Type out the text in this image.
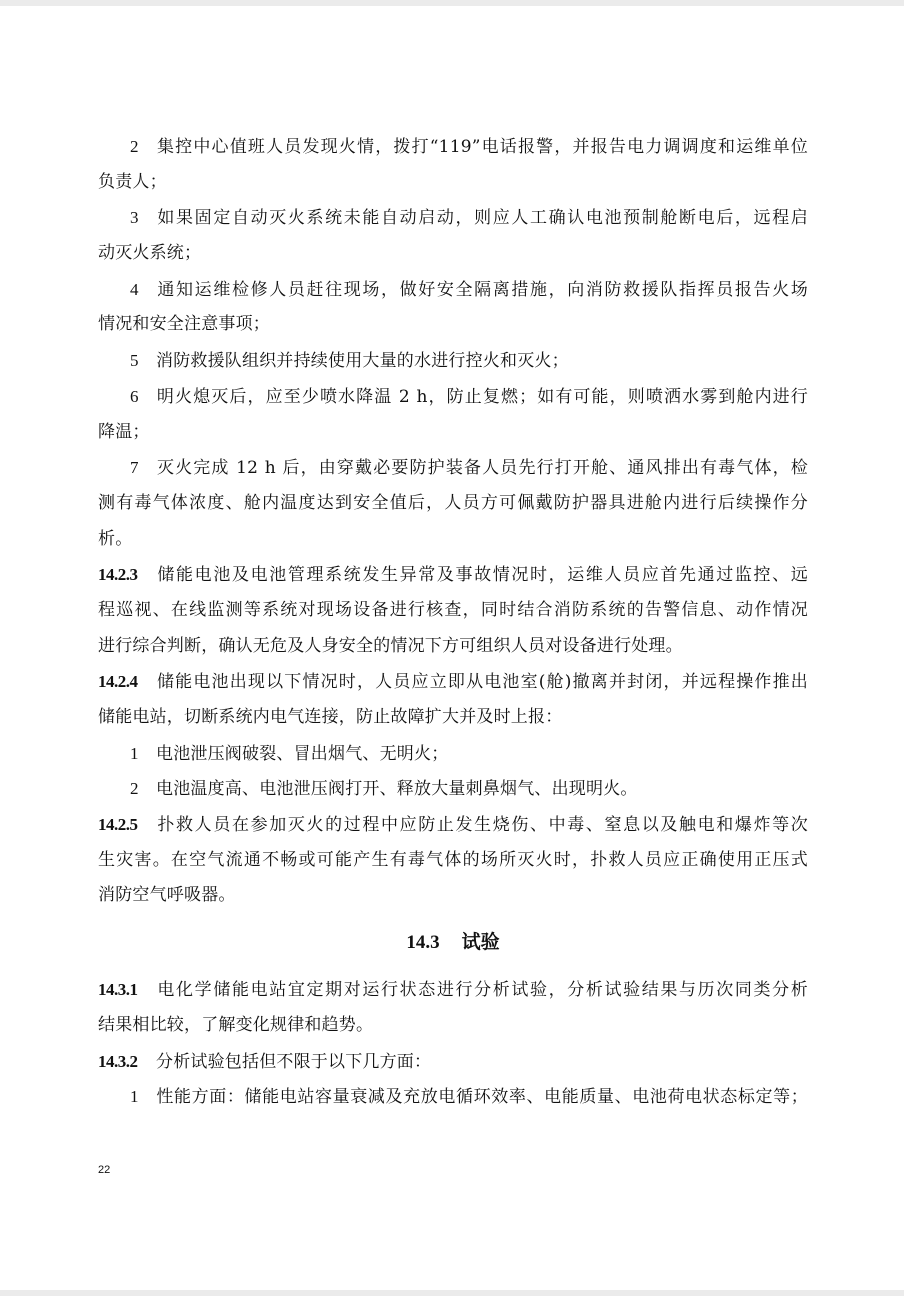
2 集控中心值班人员发现火情，拨打“119”电话报警，并报告电力调调度和运维单位
负责人；
3 如果固定自动灭火系统未能自动启动，则应人工确认电池预制舱断电后，远程启
动灭火系统；
4 通知运维检修人员赶往现场，做好安全隔离措施，向消防救援队指挥员报告火场
情况和安全注意事项；
5 消防救援队组织并持续使用大量的水进行控火和灭火；
6 明火熄灭后，应至少喷水降温 2 h，防止复燃；如有可能，则喷洒水雾到舱内进行
降温；
7 灭火完成 12 h 后，由穿戴必要防护装备人员先行打开舱、通风排出有毒气体，检
测有毒气体浓度、舱内温度达到安全值后，人员方可佩戴防护器具进舱内进行后续操作分
析。
14.2.3 储能电池及电池管理系统发生异常及事故情况时，运维人员应首先通过监控、远
程巡视、在线监测等系统对现场设备进行核查，同时结合消防系统的告警信息、动作情况
进行综合判断，确认无危及人身安全的情况下方可组织人员对设备进行处理。
14.2.4 储能电池出现以下情况时，人员应立即从电池室(舱)撤离并封闭，并远程操作推出
储能电站，切断系统内电气连接，防止故障扩大并及时上报：
1 电池泄压阀破裂、冒出烟气、无明火；
2 电池温度高、电池泄压阀打开、释放大量刺鼻烟气、出现明火。
14.2.5 扑救人员在参加灭火的过程中应防止发生烧伤、中毒、窒息以及触电和爆炸等次
生灾害。在空气流通不畅或可能产生有毒气体的场所灭火时，扑救人员应正确使用正压式
消防空气呼吸器。
14.3 试验
14.3.1 电化学储能电站宜定期对运行状态进行分析试验，分析试验结果与历次同类分析
结果相比较，了解变化规律和趋势。
14.3.2 分析试验包括但不限于以下几方面：
1 性能方面：储能电站容量衰减及充放电循环效率、电能质量、电池荷电状态标定等；
22
